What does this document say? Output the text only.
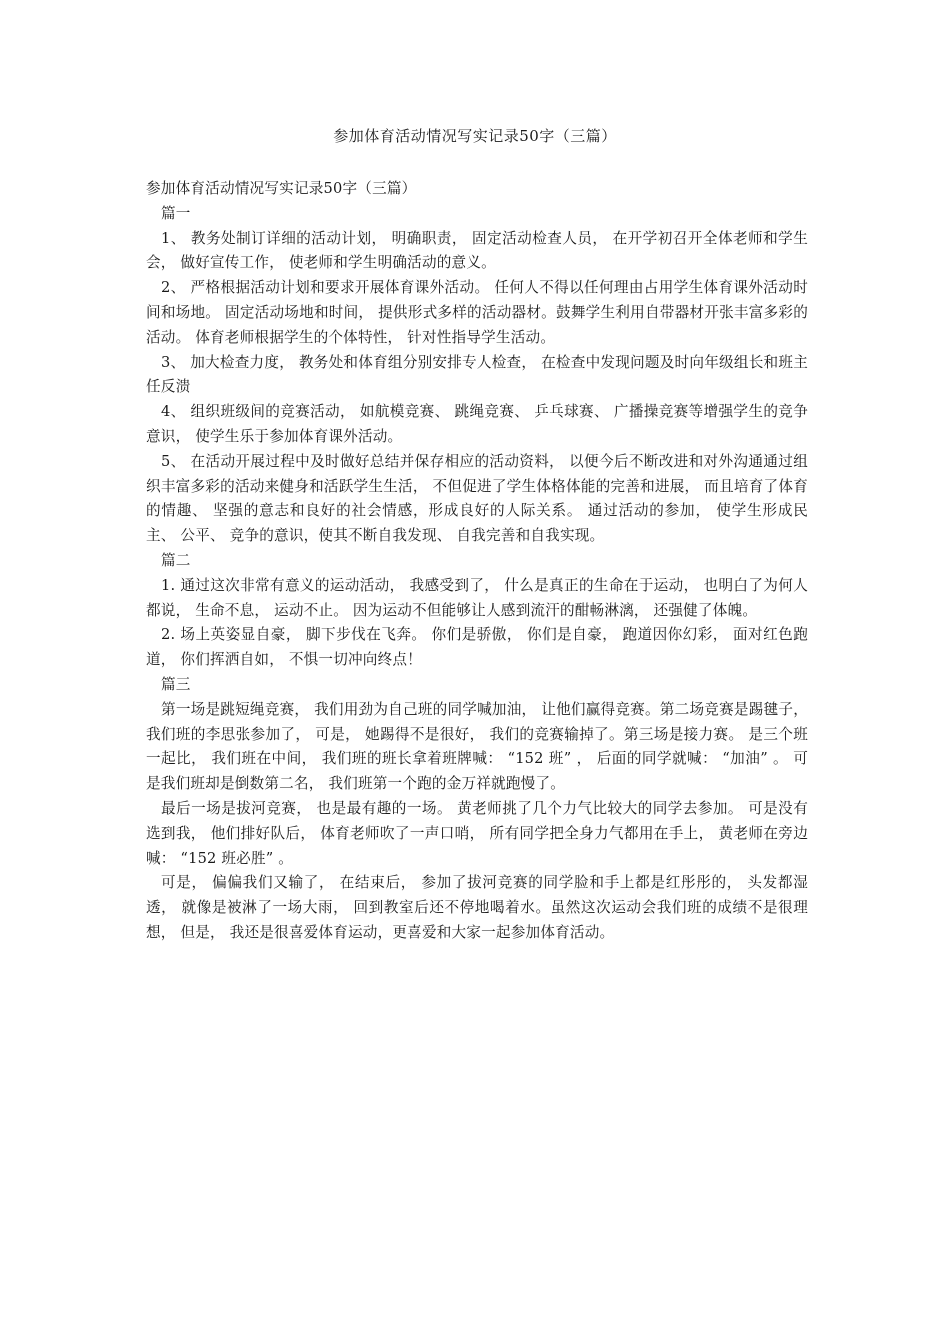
参加体育活动情况写实记录50字（三篇）

参加体育活动情况写实记录50字（三篇）

篇一

1、 教务处制订详细的活动计划， 明确职责， 固定活动检查人员， 在开学初召开全体老师和学生会， 做好宣传工作， 使老师和学生明确活动的意义。

2、 严格根据活动计划和要求开展体育课外活动。 任何人不得以任何理由占用学生体育课外活动时间和场地。 固定活动场地和时间， 提供形式多样的活动器材。鼓舞学生利用自带器材开张丰富多彩的活动。 体育老师根据学生的个体特性， 针对性指导学生活动。

3、 加大检查力度， 教务处和体育组分别安排专人检查， 在检查中发现问题及时向年级组长和班主任反溃

4、 组织班级间的竞赛活动， 如航模竞赛、 跳绳竞赛、 乒乓球赛、 广播操竞赛等增强学生的竞争意识， 使学生乐于参加体育课外活动。

5、 在活动开展过程中及时做好总结并保存相应的活动资料， 以便今后不断改进和对外沟通通过组织丰富多彩的活动来健身和活跃学生生活， 不但促进了学生体格体能的完善和进展， 而且培育了体育的情趣、 坚强的意志和良好的社会情感，形成良好的人际关系。 通过活动的参加， 使学生形成民主、 公平、 竞争的意识，使其不断自我发现、 自我完善和自我实现。

篇二

1. 通过这次非常有意义的运动活动， 我感受到了， 什么是真正的生命在于运动， 也明白了为何人都说， 生命不息， 运动不止。 因为运动不但能够让人感到流汗的酣畅淋漓， 还强健了体魄。

2. 场上英姿显自豪， 脚下步伐在飞奔。 你们是骄傲， 你们是自豪， 跑道因你幻彩， 面对红色跑道， 你们挥洒自如， 不惧一切冲向终点！

篇三

第一场是跳短绳竞赛， 我们用劲为自己班的同学喊加油， 让他们赢得竞赛。第二场竞赛是踢毽子， 我们班的李思张参加了， 可是， 她踢得不是很好， 我们的竞赛输掉了。第三场是接力赛。 是三个班一起比， 我们班在中间， 我们班的班长拿着班牌喊： “152 班” ， 后面的同学就喊： “加油” 。 可是我们班却是倒数第二名， 我们班第一个跑的金万祥就跑慢了。

最后一场是拔河竞赛， 也是最有趣的一场。 黄老师挑了几个力气比较大的同学去参加。 可是没有选到我， 他们排好队后， 体育老师吹了一声口哨， 所有同学把全身力气都用在手上， 黄老师在旁边喊： “152 班必胜” 。

可是， 偏偏我们又输了， 在结束后， 参加了拔河竞赛的同学脸和手上都是红彤彤的， 头发都湿透， 就像是被淋了一场大雨， 回到教室后还不停地喝着水。虽然这次运动会我们班的成绩不是很理想， 但是， 我还是很喜爱体育运动，更喜爱和大家一起参加体育活动。
